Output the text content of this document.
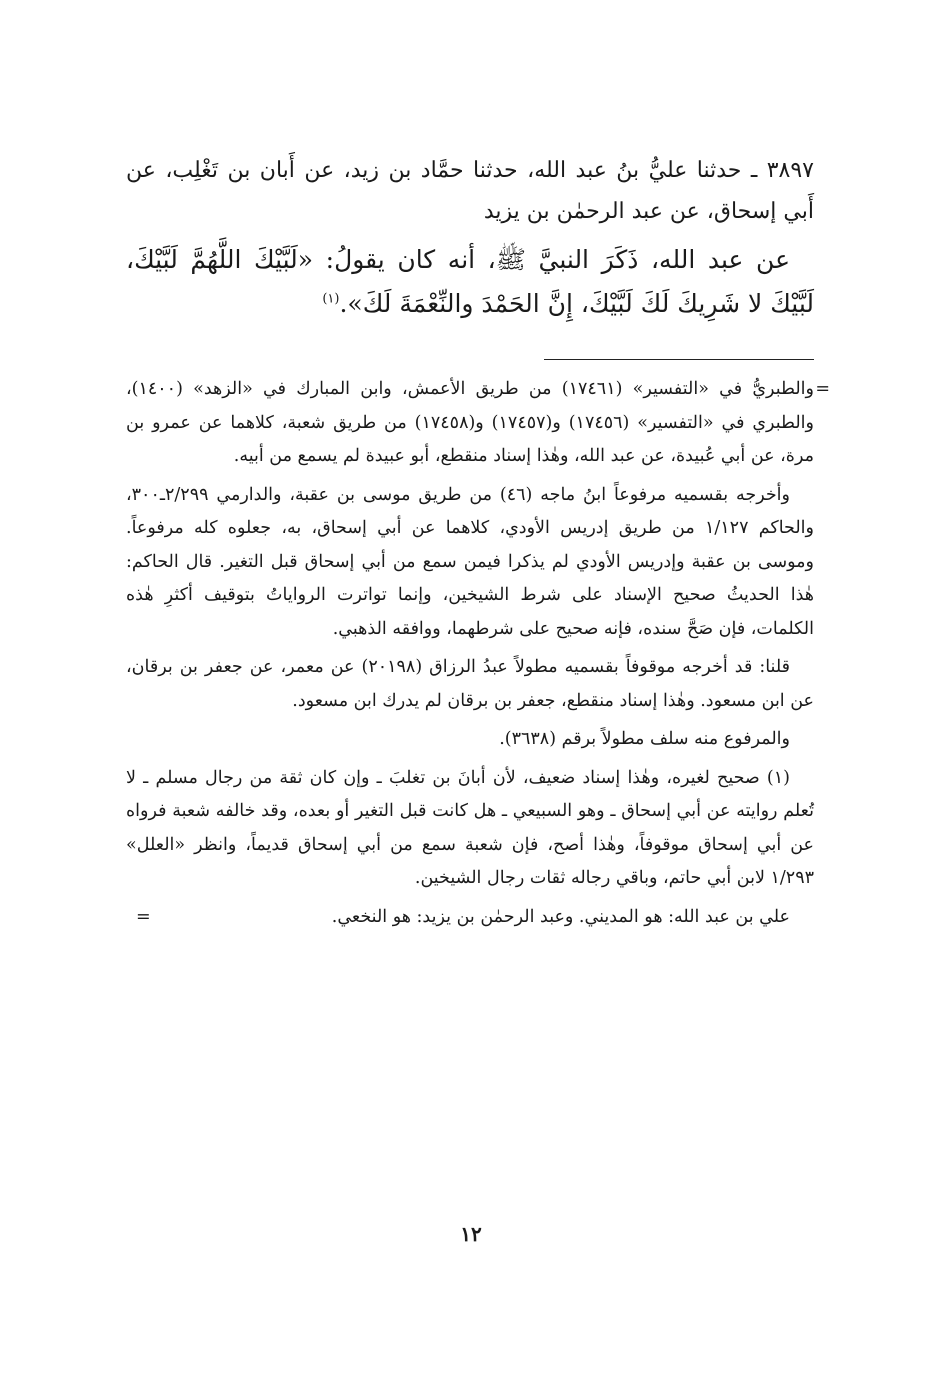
٣٨٩٧ ـ حدثنا عليُّ بنُ عبد الله، حدثنا حمَّاد بن زيد، عن أَبان بن تَغْلِب، عن أَبي إسحاق، عن عبد الرحمٰن بن يزيد

عن عبد الله، ذَكَرَ النبيَّ ﷺ، أنه كان يقولُ: «لَبَّيْكَ اللَّهُمَّ لَبَّيْكَ، لَبَّيْكَ لا شَرِيكَ لَكَ لَبَّيْكَ، إِنَّ الحَمْدَ والنِّعْمَةَ لَكَ».$^{(١)}$

=
والطبريُّ في «التفسير» (١٧٤٦١) من طريق الأعمش، وابن المبارك في «الزهد» (١٤٠٠)، والطبري في «التفسير» (١٧٤٥٦) و(١٧٤٥٧) و(١٧٤٥٨) من طريق شعبة، كلاهما عن عمرو بن مرة، عن أبي عُبيدة، عن عبد الله، وهٰذا إسناد منقطع، أبو عبيدة لم يسمع من أبيه.

وأخرجه بقسميه مرفوعاً ابنُ ماجه (٤٦) من طريق موسى بن عقبة، والدارمي ٢/٢٩٩ـ٣٠٠، والحاكم ١/١٢٧ من طريق إدريس الأودي، كلاهما عن أبي إسحاق، به، جعلوه كله مرفوعاً. وموسى بن عقبة وإدريس الأودي لم يذكرا فيمن سمع من أبي إسحاق قبل التغير. قال الحاكم: هٰذا الحديثُ صحيح الإسناد على شرط الشيخين، وإنما تواترت الرواياتُ بتوقيف أكثرِ هٰذه الكلمات، فإن صَحَّ سنده، فإنه صحيح على شرطهما، ووافقه الذهبي.

قلنا: قد أخرجه موقوفاً بقسميه مطولاً عبدُ الرزاق (٢٠١٩٨) عن معمر، عن جعفر بن برقان، عن ابن مسعود. وهٰذا إسناد منقطع، جعفر بن برقان لم يدرك ابن مسعود.

والمرفوع منه سلف مطولاً برقم (٣٦٣٨).

(١) صحيح لغيره، وهٰذا إسناد ضعيف، لأن أبانَ بن تغلبَ ـ وإن كان ثقة من رجال مسلم ـ لا تُعلم روايته عن أبي إسحاق ـ وهو السبيعي ـ هل كانت قبل التغير أو بعده، وقد خالفه شعبة فرواه عن أبي إسحاق موقوفاً، وهٰذا أصح، فإن شعبة سمع من أبي إسحاق قديماً، وانظر «العلل» ١/٢٩٣ لابن أبي حاتم، وباقي رجاله ثقات رجال الشيخين.

علي بن عبد الله: هو المديني. وعبد الرحمٰن بن يزيد: هو النخعي.
=

١٢
